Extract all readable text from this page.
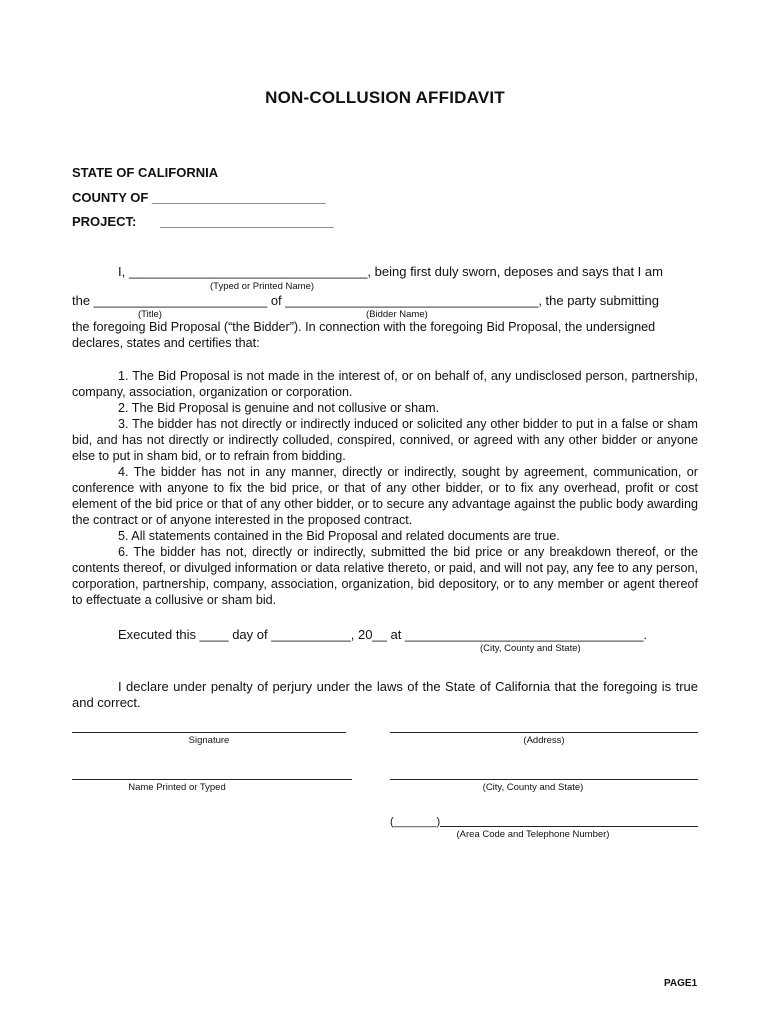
NON-COLLUSION AFFIDAVIT
STATE OF CALIFORNIA
COUNTY OF ________________________
PROJECT: ________________________
I, _________________________________, being first duly sworn, deposes and says that I am
(Typed or Printed Name)
the ________________________ of ___________________________________, the party submitting
(Title)	(Bidder Name)
the foregoing Bid Proposal (“the Bidder”). In connection with the foregoing Bid Proposal, the undersigned
declares, states and certifies that:
1. The Bid Proposal is not made in the interest of, or on behalf of, any undisclosed person, partnership, company, association, organization or corporation.
2. The Bid Proposal is genuine and not collusive or sham.
3. The bidder has not directly or indirectly induced or solicited any other bidder to put in a false or sham bid, and has not directly or indirectly colluded, conspired, connived, or agreed with any other bidder or anyone else to put in sham bid, or to refrain from bidding.
4. The bidder has not in any manner, directly or indirectly, sought by agreement, communication, or conference with anyone to fix the bid price, or that of any other bidder, or to fix any overhead, profit or cost element of the bid price or that of any other bidder, or to secure any advantage against the public body awarding the contract or of anyone interested in the proposed contract.
5. All statements contained in the Bid Proposal and related documents are true.
6. The bidder has not, directly or indirectly, submitted the bid price or any breakdown thereof, or the contents thereof, or divulged information or data relative thereto, or paid, and will not pay, any fee to any person, corporation, partnership, company, association, organization, bid depository, or to any member or agent thereof to effectuate a collusive or sham bid.
Executed this ____ day of ___________, 20__ at _________________________________.
(City, County and State)
I declare under penalty of perjury under the laws of the State of California that the foregoing is true and correct.
Signature	(Address)
Name Printed or Typed	(City, County and State)
(_______)
(Area Code and Telephone Number)
PAGE1
